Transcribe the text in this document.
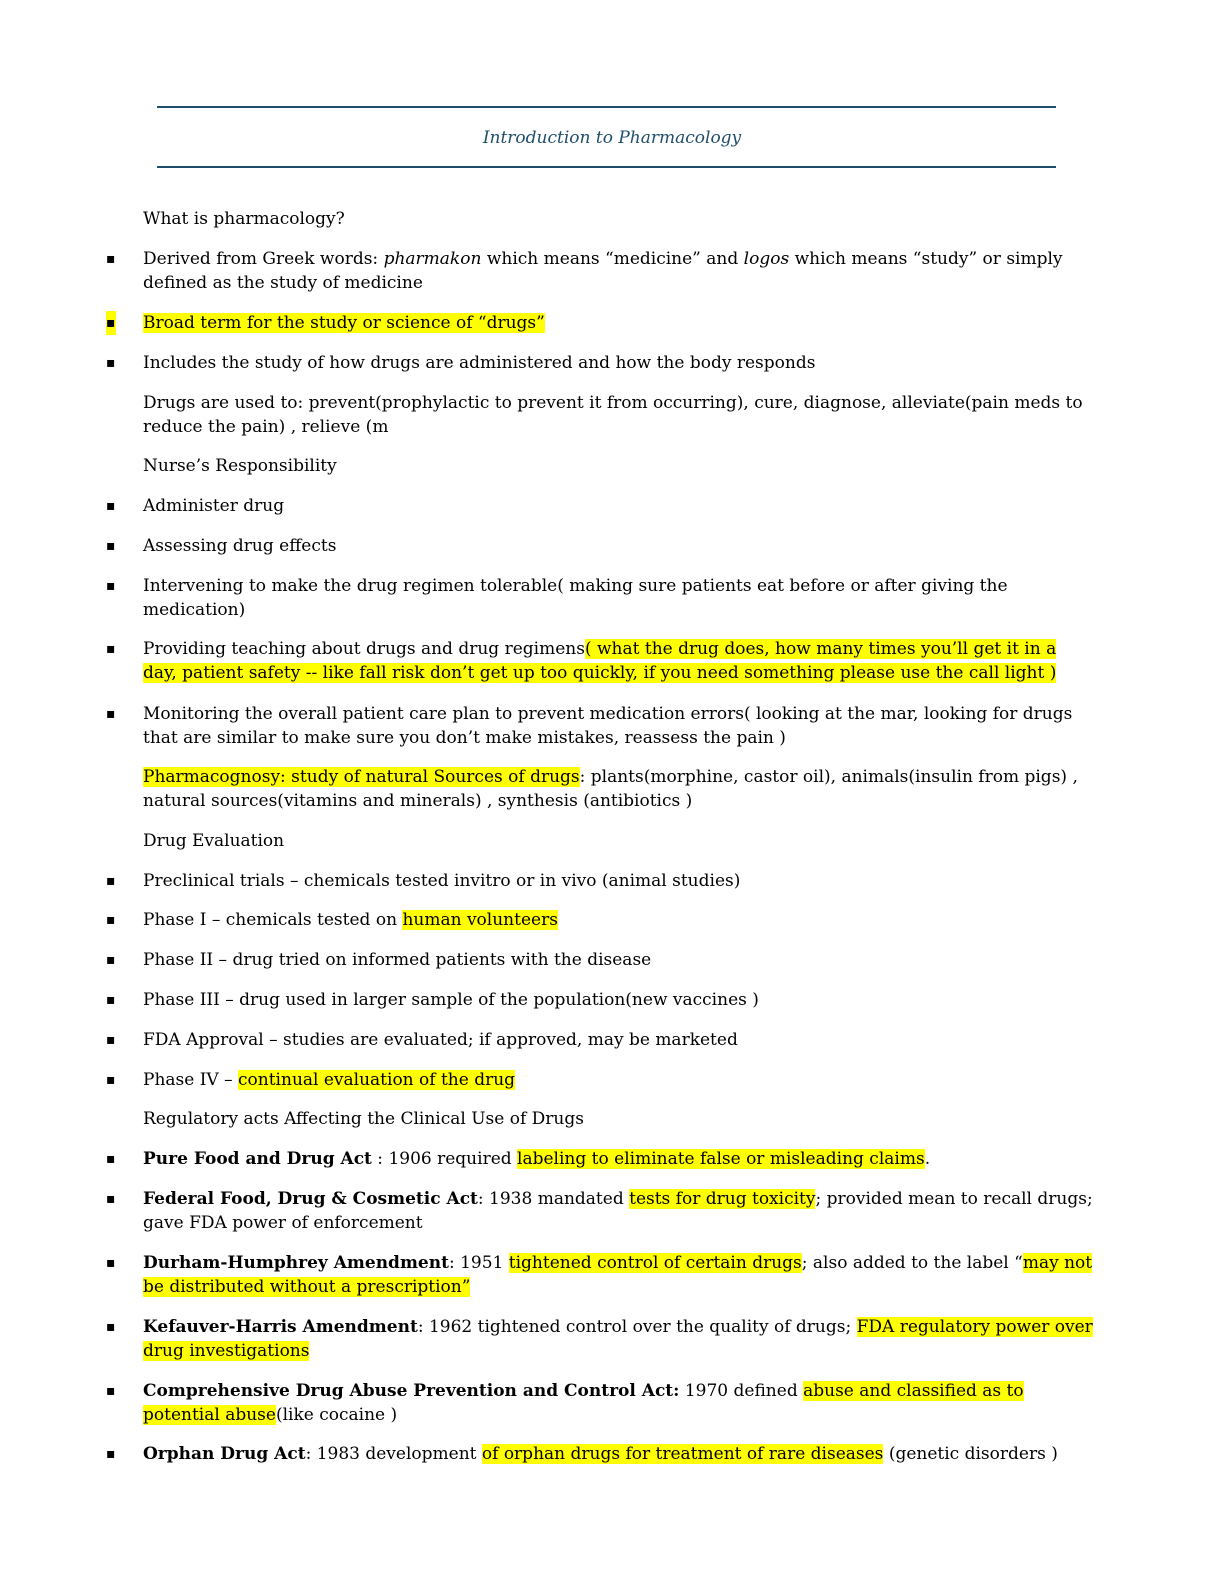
Introduction to Pharmacology
What is pharmacology?
▪ Derived from Greek words: pharmakon which means “medicine” and logos which means “study” or simply
defined as the study of medicine
▪ Broad term for the study or science of “drugs”
▪ Includes the study of how drugs are administered and how the body responds
Drugs are used to: prevent(prophylactic to prevent it from occurring), cure, diagnose, alleviate(pain meds to
reduce the pain) , relieve (m
Nurse’s Responsibility
▪ Administer drug
▪ Assessing drug effects
▪ Intervening to make the drug regimen tolerable( making sure patients eat before or after giving the
medication)
▪ Providing teaching about drugs and drug regimens( what the drug does, how many times you’ll get it in a
day, patient safety -- like fall risk don’t get up too quickly, if you need something please use the call light )
▪ Monitoring the overall patient care plan to prevent medication errors( looking at the mar, looking for drugs
that are similar to make sure you don’t make mistakes, reassess the pain )
Pharmacognosy: study of natural Sources of drugs: plants(morphine, castor oil), animals(insulin from pigs) ,
natural sources(vitamins and minerals) , synthesis (antibiotics )
Drug Evaluation
▪ Preclinical trials – chemicals tested invitro or in vivo (animal studies)
▪ Phase I – chemicals tested on human volunteers
▪ Phase II – drug tried on informed patients with the disease
▪ Phase III – drug used in larger sample of the population(new vaccines )
▪ FDA Approval – studies are evaluated; if approved, may be marketed
▪ Phase IV – continual evaluation of the drug
Regulatory acts Affecting the Clinical Use of Drugs
▪ Pure Food and Drug Act : 1906 required labeling to eliminate false or misleading claims.
▪ Federal Food, Drug & Cosmetic Act: 1938 mandated tests for drug toxicity; provided mean to recall drugs;
gave FDA power of enforcement
▪ Durham-Humphrey Amendment: 1951 tightened control of certain drugs; also added to the label “may not
be distributed without a prescription”
▪ Kefauver-Harris Amendment: 1962 tightened control over the quality of drugs; FDA regulatory power over
drug investigations
▪ Comprehensive Drug Abuse Prevention and Control Act: 1970 defined abuse and classified as to
potential abuse(like cocaine )
▪ Orphan Drug Act: 1983 development of orphan drugs for treatment of rare diseases (genetic disorders )
